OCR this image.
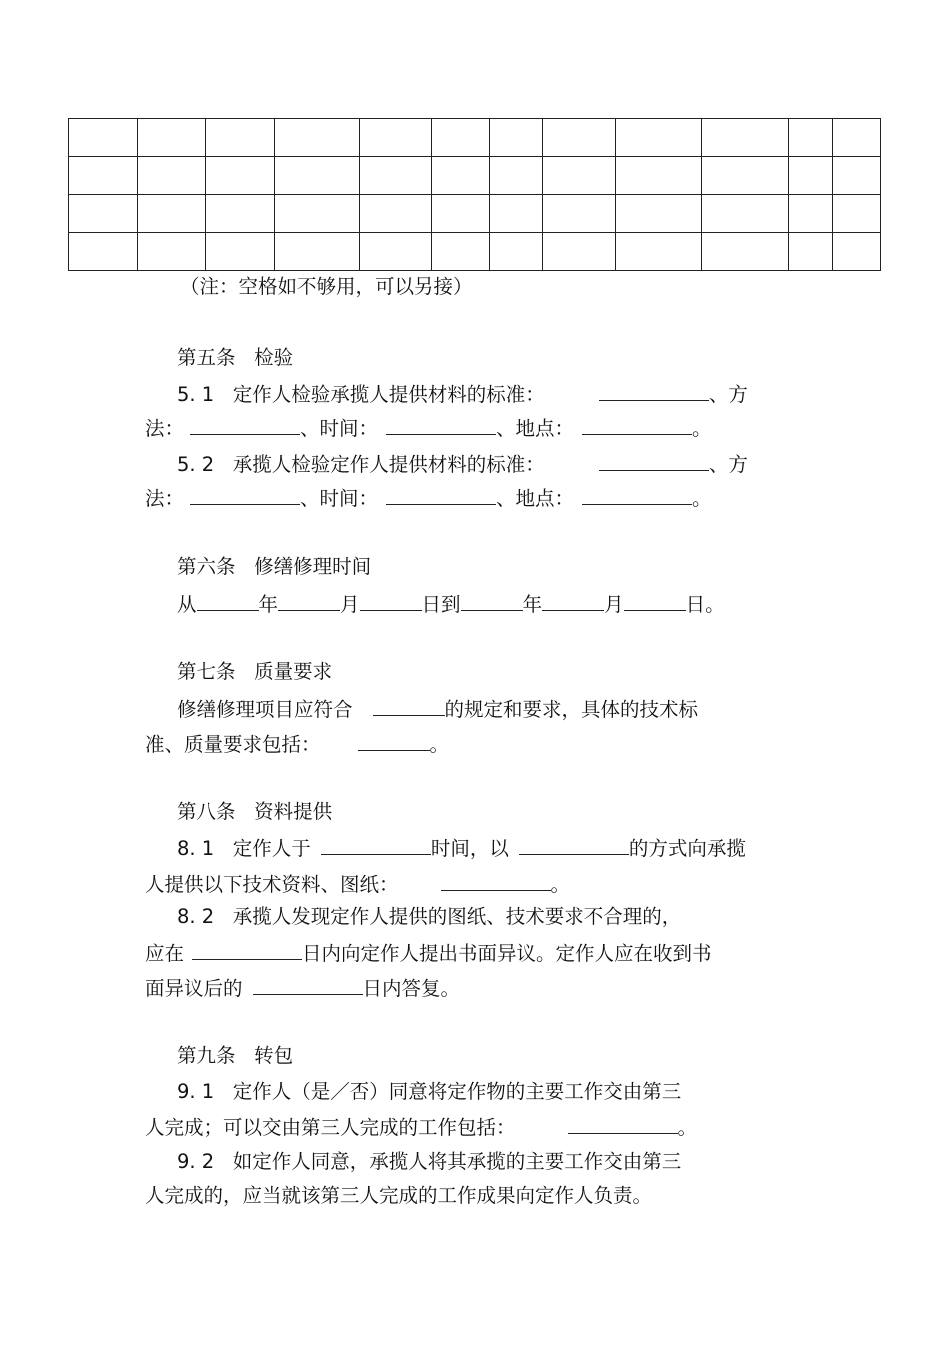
（注：空格如不够用，可以另接）
第五条   检验
5. 1   定作人检验承揽人提供材料的标准：	、方
法：	、时间：	、地点：	。
5. 2   承揽人检验定作人提供材料的标准：	、方
法：	、时间：	、地点：	。
第六条   修缮修理时间
从	年	月	日到	年	月	日。
第七条   质量要求
修缮修理项目应符合	的规定和要求，具体的技术标
准、质量要求包括：	。
第八条   资料提供
8. 1   定作人于	时间，以	的方式向承揽
人提供以下技术资料、图纸：	。
8. 2   承揽人发现定作人提供的图纸、技术要求不合理的，
应在	日内向定作人提出书面异议。定作人应在收到书
面异议后的	日内答复。
第九条   转包
9. 1   定作人（是／否）同意将定作物的主要工作交由第三
人完成；可以交由第三人完成的工作包括：	。
9. 2   如定作人同意，承揽人将其承揽的主要工作交由第三
人完成的，应当就该第三人完成的工作成果向定作人负责。
